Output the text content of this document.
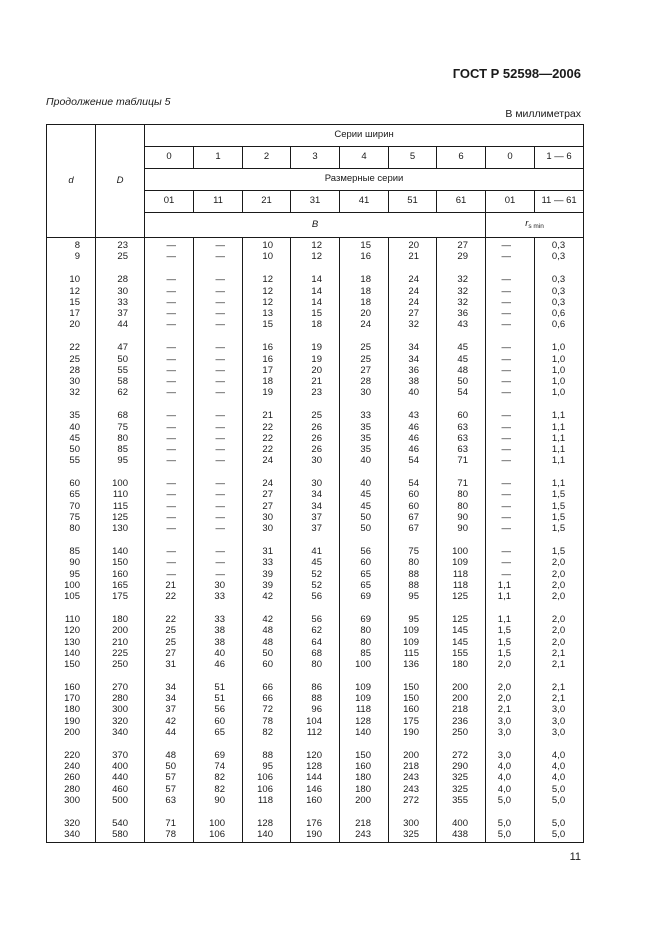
ГОСТ Р 52598—2006
Продолжение таблицы 5
В миллиметрах
d	D	Серии ширин								
		0	1	2	3	4	5	6	0	1 — 6
		Размерные серии								
		01	11	21	31	41	51	61	01	11 — 61
		B							$r_{s min}$
8	23	—	—	10	12	15	20	27	—	0,3
9	25	—	—	10	12	16	21	29	—	0,3

10	28	—	—	12	14	18	24	32	—	0,3
12	30	—	—	12	14	18	24	32	—	0,3
15	33	—	—	12	14	18	24	32	—	0,3
17	37	—	—	13	15	20	27	36	—	0,6
20	44	—	—	15	18	24	32	43	—	0,6

22	47	—	—	16	19	25	34	45	—	1,0
25	50	—	—	16	19	25	34	45	—	1,0
28	55	—	—	17	20	27	36	48	—	1,0
30	58	—	—	18	21	28	38	50	—	1,0
32	62	—	—	19	23	30	40	54	—	1,0

35	68	—	—	21	25	33	43	60	—	1,1
40	75	—	—	22	26	35	46	63	—	1,1
45	80	—	—	22	26	35	46	63	—	1,1
50	85	—	—	22	26	35	46	63	—	1,1
55	95	—	—	24	30	40	54	71	—	1,1

60	100	—	—	24	30	40	54	71	—	1,1
65	110	—	—	27	34	45	60	80	—	1,5
70	115	—	—	27	34	45	60	80	—	1,5
75	125	—	—	30	37	50	67	90	—	1,5
80	130	—	—	30	37	50	67	90	—	1,5

85	140	—	—	31	41	56	75	100	—	1,5
90	150	—	—	33	45	60	80	109	—	2,0
95	160	—	—	39	52	65	88	118	—	2,0
100	165	21	30	39	52	65	88	118	1,1	2,0
105	175	22	33	42	56	69	95	125	1,1	2,0

110	180	22	33	42	56	69	95	125	1,1	2,0
120	200	25	38	48	62	80	109	145	1,5	2,0
130	210	25	38	48	64	80	109	145	1,5	2,0
140	225	27	40	50	68	85	115	155	1,5	2,1
150	250	31	46	60	80	100	136	180	2,0	2,1

160	270	34	51	66	86	109	150	200	2,0	2,1
170	280	34	51	66	88	109	150	200	2,0	2,1
180	300	37	56	72	96	118	160	218	2,1	3,0
190	320	42	60	78	104	128	175	236	3,0	3,0
200	340	44	65	82	112	140	190	250	3,0	3,0

220	370	48	69	88	120	150	200	272	3,0	4,0
240	400	50	74	95	128	160	218	290	4,0	4,0
260	440	57	82	106	144	180	243	325	4,0	4,0
280	460	57	82	106	146	180	243	325	4,0	5,0
300	500	63	90	118	160	200	272	355	5,0	5,0

320	540	71	100	128	176	218	300	400	5,0	5,0
340	580	78	106	140	190	243	325	438	5,0	5,0
11
